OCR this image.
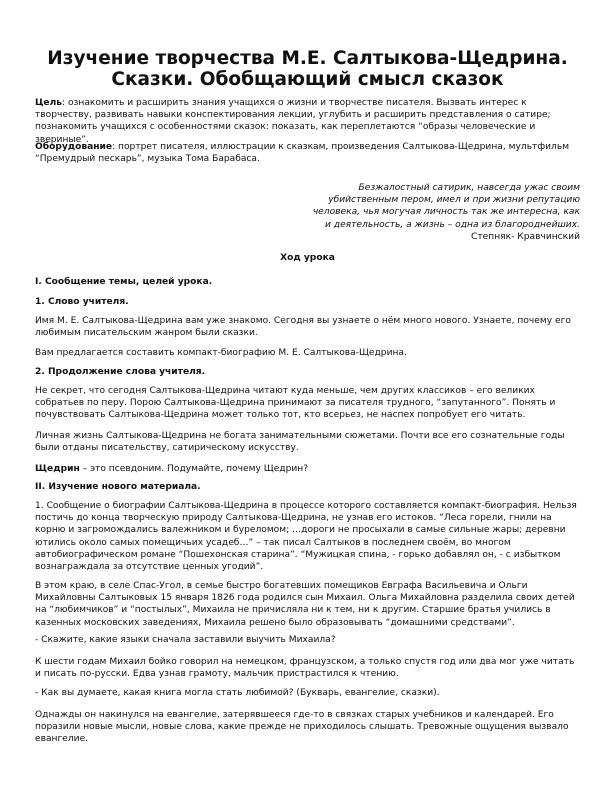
Изучение творчества М.Е. Салтыкова-Щедрина.
Сказки. Обобщающий смысл сказок

Цель: ознакомить и расширить знания учащихся о жизни и творчестве писателя. Вызвать интерес к творчеству, развивать навыки конспектирования лекции, углубить и расширить представления о сатире; познакомить учащихся с особенностями сказок: показать, как переплетаются “образы человеческие и звериные”.

Оборудование: портрет писателя, иллюстрации к сказкам, произведения Салтыкова-Щедрина, мультфильм “Премудрый пескарь”, музыка Тома Барабаса.

Безжалостный сатирик, навсегда ужас своим убийственным пером, имел и при жизни репутацию человека, чья могучая личность так же интересна, как и деятельность, а жизнь – одна из благороднейших.
Степняк- Кравчинский
Ход урока
I. Сообщение темы, целей урока.
1. Слово учителя.

Имя М. Е. Салтыкова-Щедрина вам уже знакомо. Сегодня вы узнаете о нём много нового. Узнаете, почему его любимым писательским жанром были сказки.

Вам предлагается составить компакт-биографию М. Е. Салтыкова-Щедрина.

2. Продолжение слова учителя.

Не секрет, что сегодня Салтыкова-Щедрина читают куда меньше, чем других классиков – его великих собратьев по перу. Порою Салтыкова-Щедрина принимают за писателя трудного, “запутанного”. Понять и почувствовать Салтыкова-Щедрина может только тот, кто всерьез, не наспех попробует его читать.

Личная жизнь Салтыкова-Щедрина не богата занимательными сюжетами. Почти все его сознательные годы были отданы писательству, сатирическому искусству.

Щедрин – это псевдоним. Подумайте, почему Щедрин?

II. Изучение нового материала.

1. Сообщение о биографии Салтыкова-Щедрина в процессе которого составляется компакт-биография. Нельзя постичь до конца творческую природу Салтыкова-Щедрина, не узнав его истоков. “Леса горели, гнили на корню и загромождались валежником и буреломом; …дороги не просыхали в самые сильные жары; деревни ютились около самых помещичьих усадеб…” – так писал Салтыков в последнем своём, во многом автобиографическом романе “Пошехонская старина”. “Мужицкая спина, - горько добавлял он, - с избытком вознаграждала за отсутствие ценных угодий”.

В этом краю, в селе Спас-Угол, в семье быстро богатевших помещиков Евграфа Васильевича и Ольги Михайловны Салтыковых 15 января 1826 года родился сын Михаил. Ольга Михайловна разделила своих детей на “любимчиков” и “постылых”, Михаила не причисляла ни к тем, ни к другим. Старшие братья учились в казенных московских заведениях, Михаила решено было образовывать “домашними средствами”.

- Скажите, какие языки сначала заставили выучить Михаила?

К шести годам Михаил бойко говорил на немецком, французском, а только спустя год или два мог уже читать и писать по-русски. Едва узнав грамоту, мальчик пристрастился к чтению.

- Как вы думаете, какая книга могла стать любимой? (Букварь, евангелие, сказки).

Однажды он накинулся на евангелие, затерявшееся где-то в связках старых учебников и календарей. Его поразили новые мысли, новые слова, какие прежде не приходилось слышать. Тревожные ощущения вызвало евангелие.
